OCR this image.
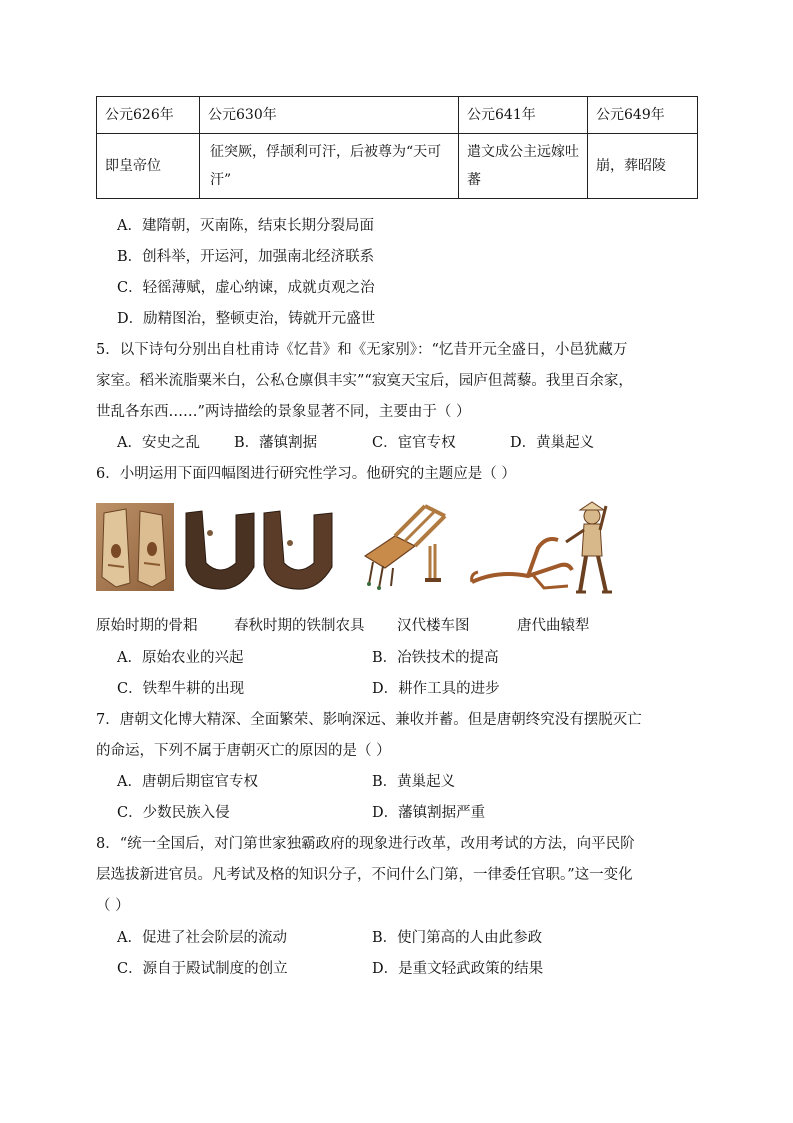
公元626年	公元630年	公元641年	公元649年
即皇帝位	征突厥，俘颉利可汗，后被尊为“天可汗”	遣文成公主远嫁吐蕃	崩，葬昭陵
A．建隋朝，灭南陈，结束长期分裂局面
B．创科举，开运河，加强南北经济联系
C．轻徭薄赋，虚心纳谏，成就贞观之治
D．励精图治，整顿吏治，铸就开元盛世
5．以下诗句分别出自杜甫诗《忆昔》和《无家别》：“忆昔开元全盛日，小邑犹藏万
家室。稻米流脂粟米白，公私仓廪俱丰实”“寂寞天宝后，园庐但蒿藜。我里百余家，
世乱各东西……”两诗描绘的景象显著不同，主要由于（ ）
A．安史之乱 B．藩镇割据	C．宦官专权	D．黄巢起义
6．小明运用下面四幅图进行研究性学习。他研究的主题应是（ ）
原始时期的骨耜	春秋时期的铁制农具 汉代楼车图	唐代曲辕犁
A．原始农业的兴起	B．冶铁技术的提高
C．铁犁牛耕的出现	D．耕作工具的进步
7．唐朝文化博大精深、全面繁荣、影响深远、兼收并蓄。但是唐朝终究没有摆脱灭亡
的命运，下列不属于唐朝灭亡的原因的是（ ）
A．唐朝后期宦官专权	B．黄巢起义
C．少数民族入侵	D．藩镇割据严重
8．“统一全国后，对门第世家独霸政府的现象进行改革，改用考试的方法，向平民阶
层选拔新进官员。凡考试及格的知识分子，不问什么门第，一律委任官职。”这一变化
（ ）
A．促进了社会阶层的流动	B．使门第高的人由此参政
C．源自于殿试制度的创立	D．是重文轻武政策的结果
